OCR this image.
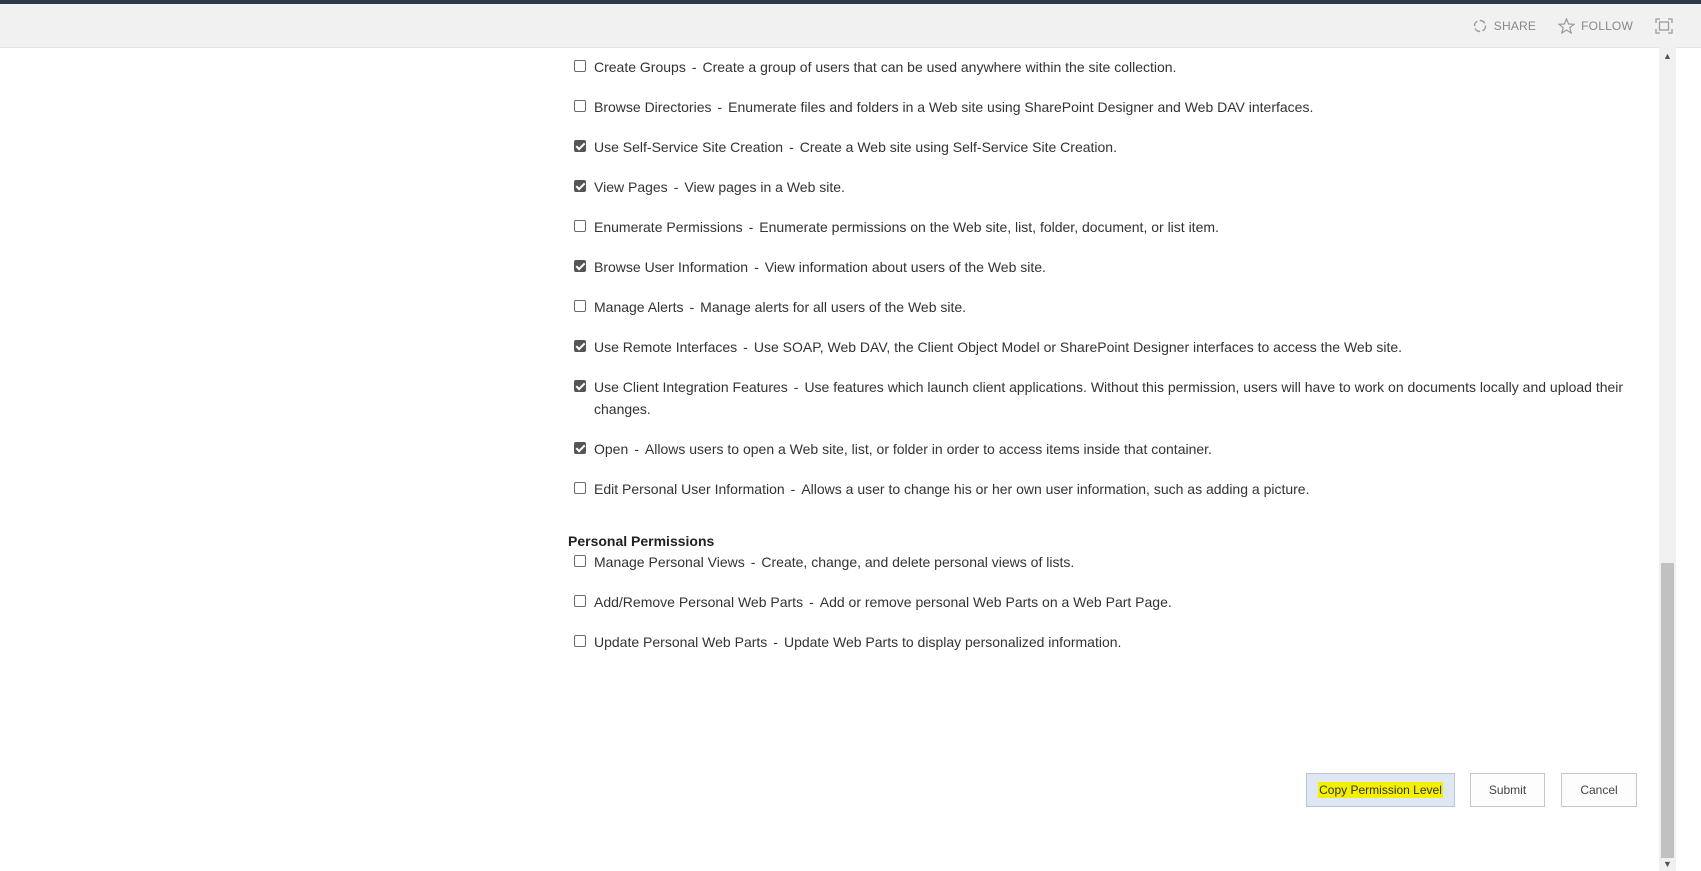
SHARE	FOLLOW
Create Groups - Create a group of users that can be used anywhere within the site collection.
Browse Directories - Enumerate files and folders in a Web site using SharePoint Designer and Web DAV interfaces.
Use Self-Service Site Creation - Create a Web site using Self-Service Site Creation.
View Pages - View pages in a Web site.
Enumerate Permissions - Enumerate permissions on the Web site, list, folder, document, or list item.
Browse User Information - View information about users of the Web site.
Manage Alerts - Manage alerts for all users of the Web site.
Use Remote Interfaces - Use SOAP, Web DAV, the Client Object Model or SharePoint Designer interfaces to access the Web site.
Use Client Integration Features - Use features which launch client applications. Without this permission, users will have to work on documents locally and upload their changes.
Open - Allows users to open a Web site, list, or folder in order to access items inside that container.
Edit Personal User Information - Allows a user to change his or her own user information, such as adding a picture.
Personal Permissions
Manage Personal Views - Create, change, and delete personal views of lists.
Add/Remove Personal Web Parts - Add or remove personal Web Parts on a Web Part Page.
Update Personal Web Parts - Update Web Parts to display personalized information.
Copy Permission Level	Submit	Cancel
▲
▼
